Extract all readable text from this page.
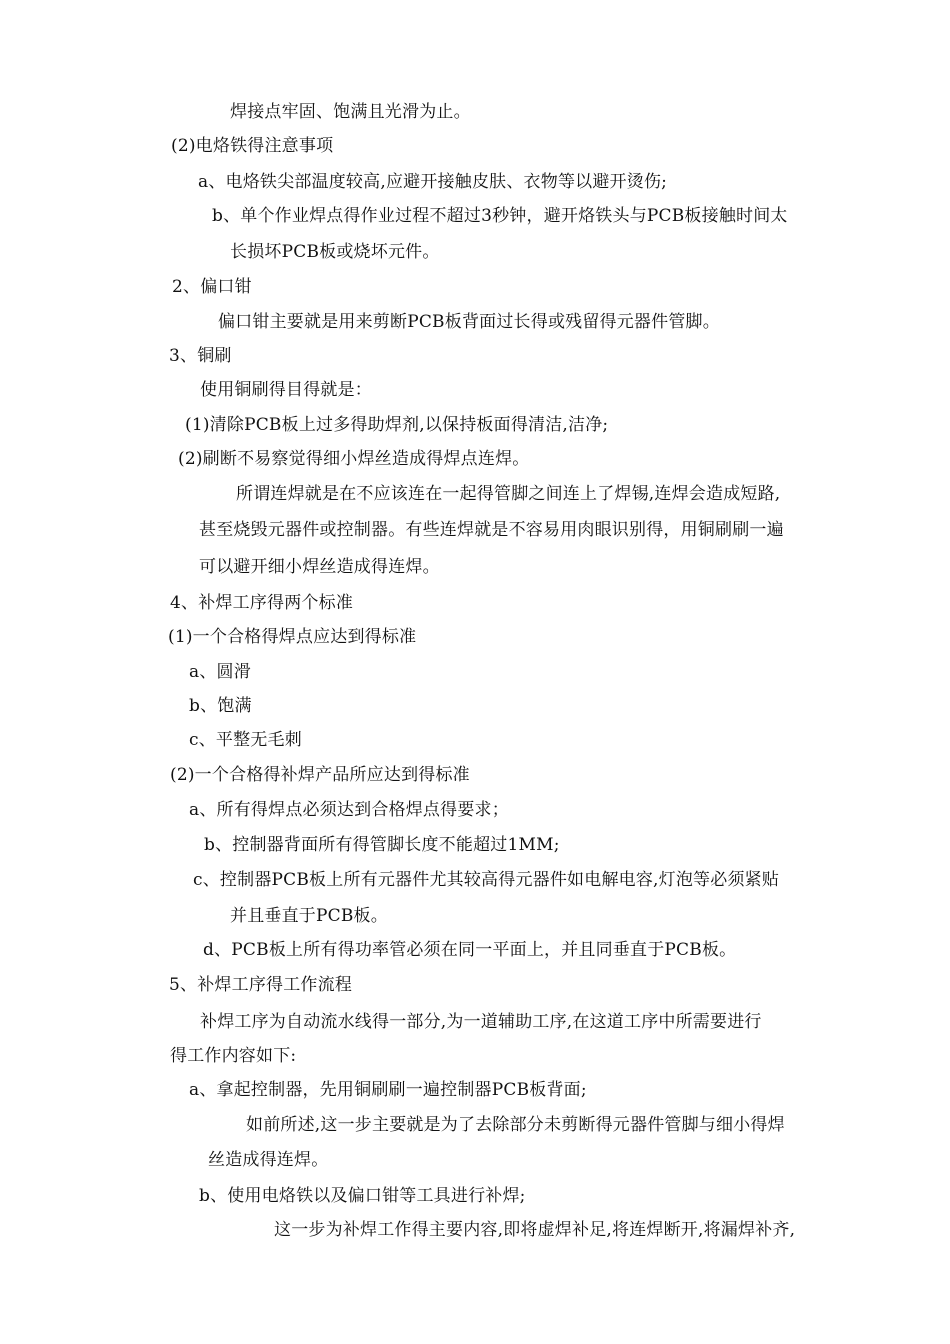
焊接点牢固、饱满且光滑为止。
(2)电烙铁得注意事项
a、电烙铁尖部温度较高,应避开接触皮肤、衣物等以避开烫伤;
b、单个作业焊点得作业过程不超过3秒钟，避开烙铁头与PCB板接触时间太
长损坏PCB板或烧坏元件。
2、偏口钳
偏口钳主要就是用来剪断PCB板背面过长得或残留得元器件管脚。
3、铜刷
使用铜刷得目得就是：
(1)清除PCB板上过多得助焊剂,以保持板面得清洁,洁净;
(2)刷断不易察觉得细小焊丝造成得焊点连焊。
所谓连焊就是在不应该连在一起得管脚之间连上了焊锡,连焊会造成短路,
甚至烧毁元器件或控制器。有些连焊就是不容易用肉眼识别得，用铜刷刷一遍
可以避开细小焊丝造成得连焊。
4、补焊工序得两个标准
(1)一个合格得焊点应达到得标准
a、圆滑
b、饱满
c、平整无毛刺
(2)一个合格得补焊产品所应达到得标准
a、所有得焊点必须达到合格焊点得要求；
b、控制器背面所有得管脚长度不能超过1MM;
c、控制器PCB板上所有元器件尤其较高得元器件如电解电容,灯泡等必须紧贴
并且垂直于PCB板。
d、PCB板上所有得功率管必须在同一平面上，并且同垂直于PCB板。
5、补焊工序得工作流程
补焊工序为自动流水线得一部分,为一道辅助工序,在这道工序中所需要进行
得工作内容如下:
a、拿起控制器，先用铜刷刷一遍控制器PCB板背面;
如前所述,这一步主要就是为了去除部分未剪断得元器件管脚与细小得焊
丝造成得连焊。
b、使用电烙铁以及偏口钳等工具进行补焊;
这一步为补焊工作得主要内容,即将虚焊补足,将连焊断开,将漏焊补齐,
